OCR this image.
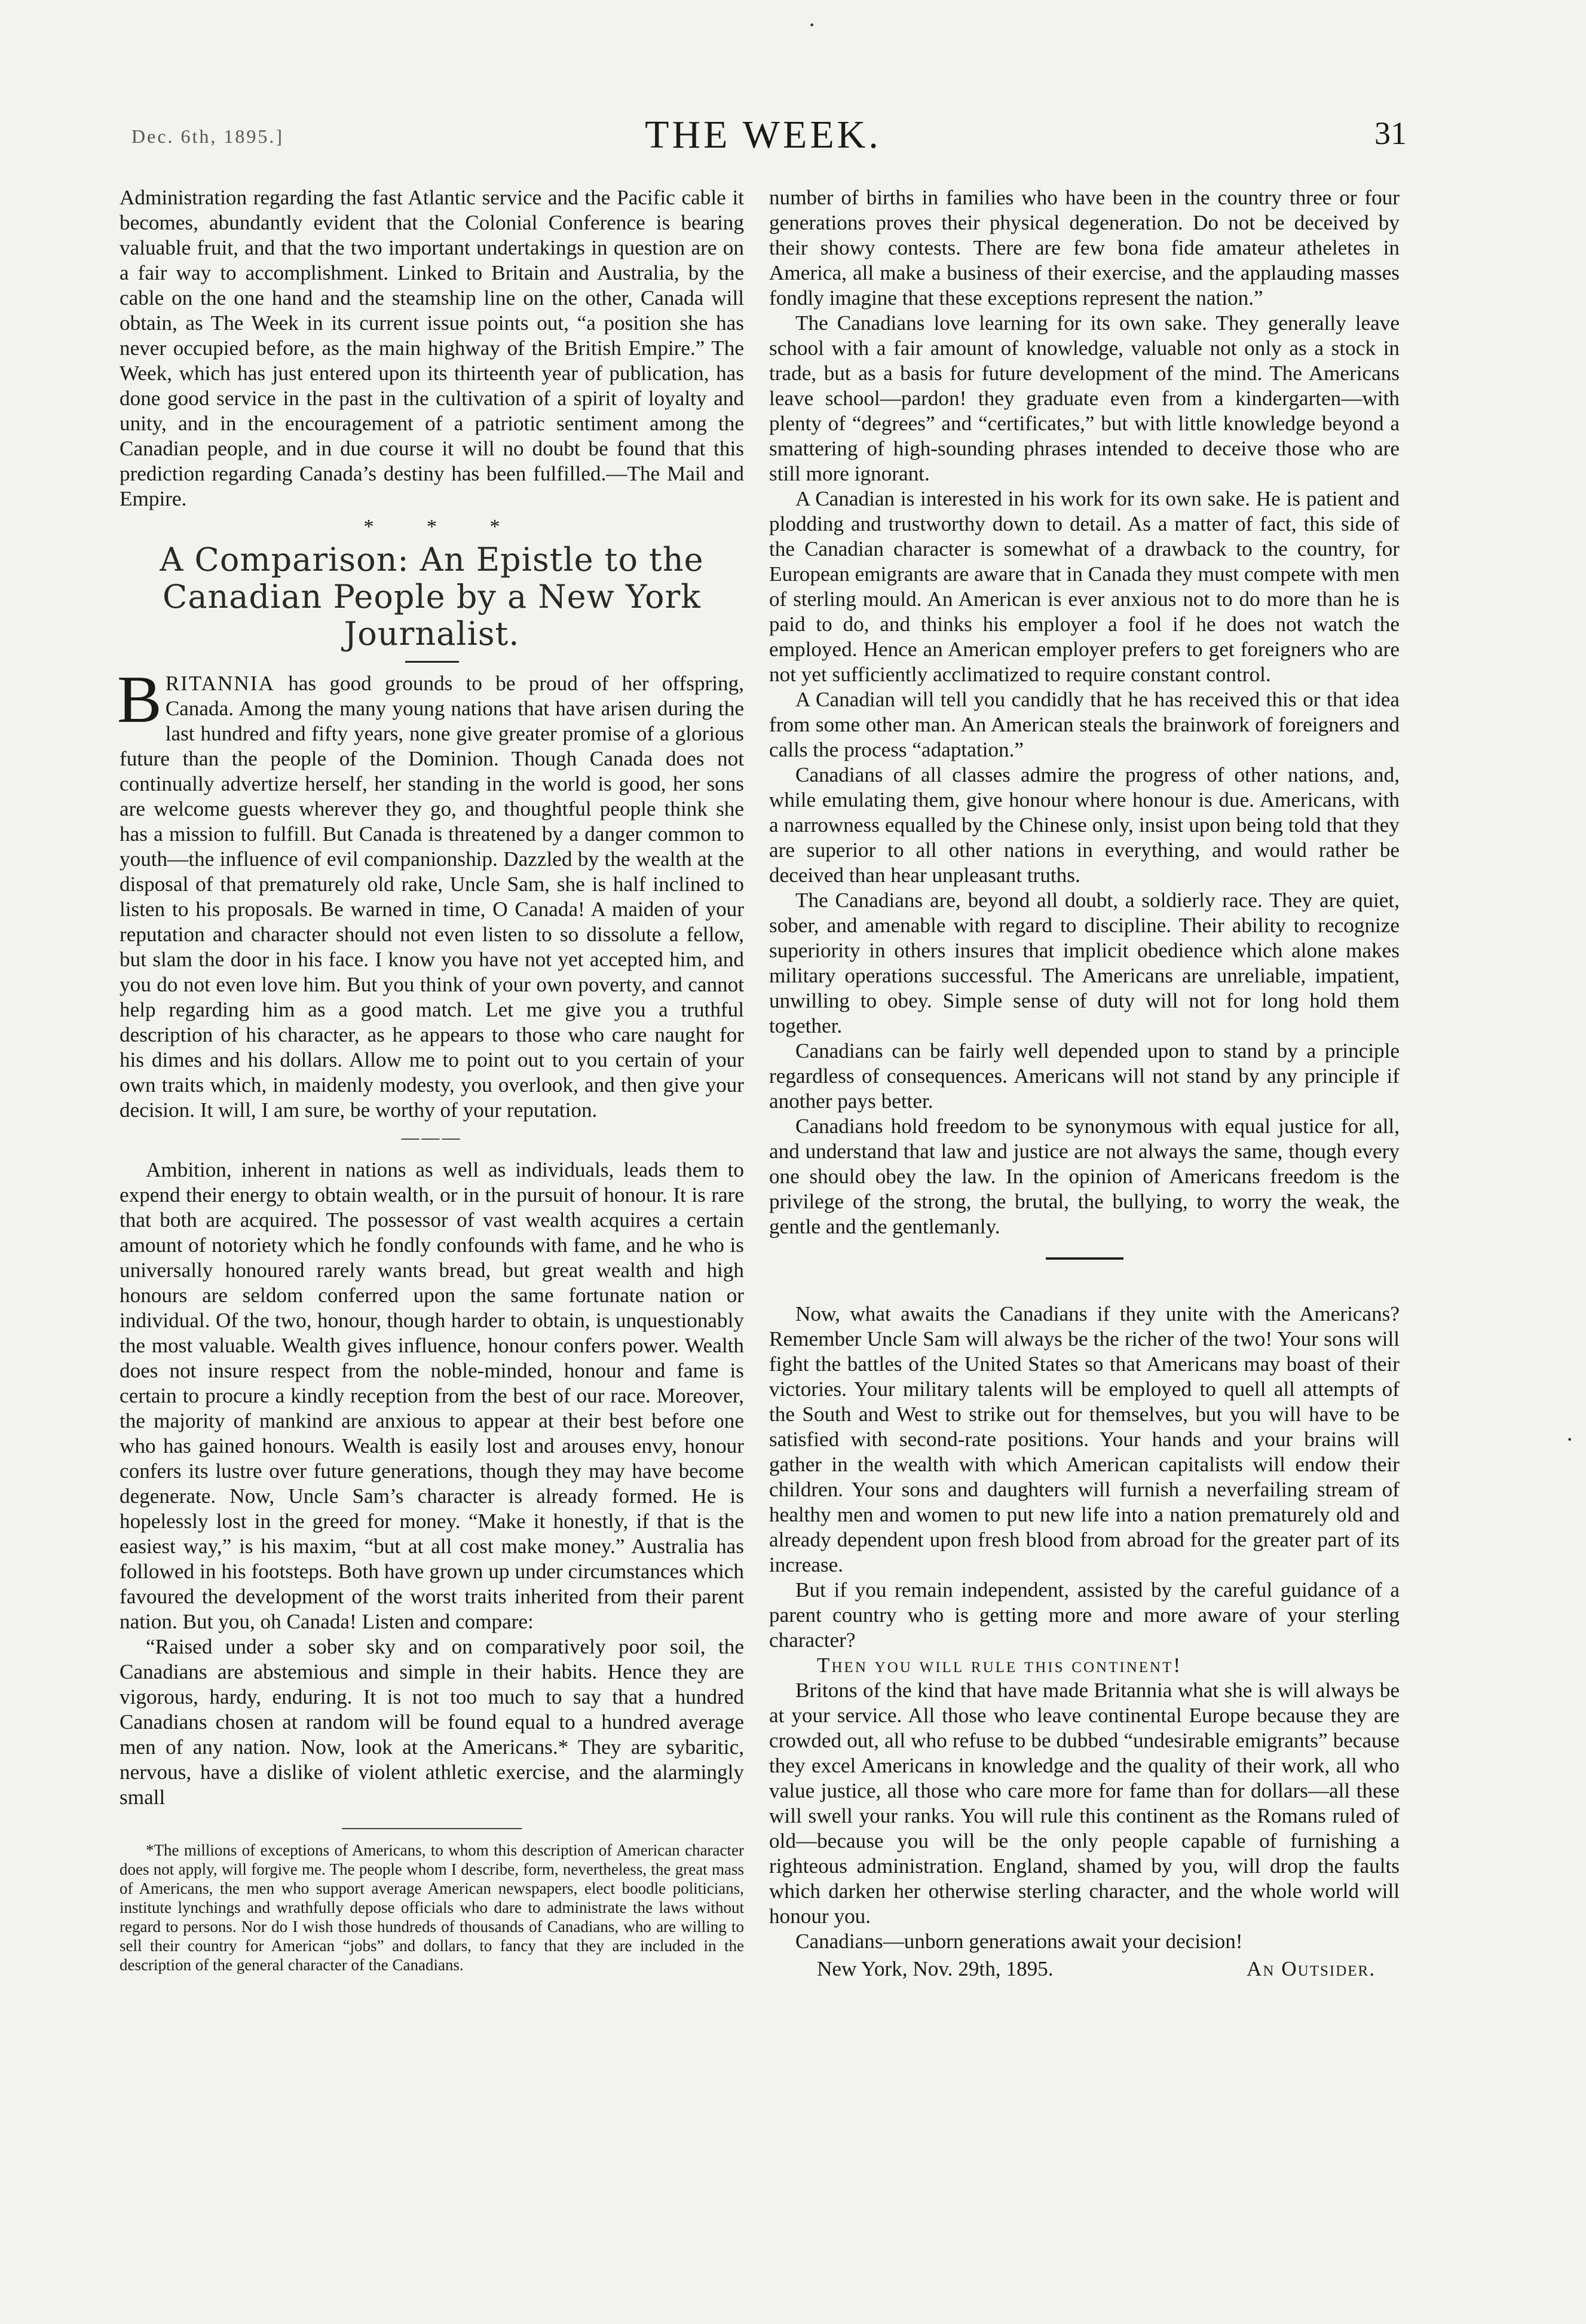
Dec. 6th, 1895.]	THE WEEK.	31

Administration regarding the fast Atlantic service and the Pacific cable it becomes, abundantly evident that the Colonial Conference is bearing valuable fruit, and that the two important undertakings in question are on a fair way to accomplishment. Linked to Britain and Australia, by the cable on the one hand and the steamship line on the other, Canada will obtain, as The Week in its current issue points out, “a position she has never occupied before, as the main highway of the British Empire.” The Week, which has just entered upon its thirteenth year of publication, has done good service in the past in the cultivation of a spirit of loyalty and unity, and in the encouragement of a patriotic sentiment among the Canadian people, and in due course it will no doubt be found that this prediction regarding Canada’s destiny has been fulfilled.—The Mail and Empire.

* * *
A Comparison: An Epistle to the Canadian People by a New York Journalist.

BRITANNIA has good grounds to be proud of her offspring, Canada. Among the many young nations that have arisen during the last hundred and fifty years, none give greater promise of a glorious future than the people of the Dominion. Though Canada does not continually advertize herself, her standing in the world is good, her sons are welcome guests wherever they go, and thoughtful people think she has a mission to fulfill. But Canada is threatened by a danger common to youth—the influence of evil companionship. Dazzled by the wealth at the disposal of that prematurely old rake, Uncle Sam, she is half inclined to listen to his proposals. Be warned in time, O Canada! A maiden of your reputation and character should not even listen to so dissolute a fellow, but slam the door in his face. I know you have not yet accepted him, and you do not even love him. But you think of your own poverty, and cannot help regarding him as a good match. Let me give you a truthful description of his character, as he appears to those who care naught for his dimes and his dollars. Allow me to point out to you certain of your own traits which, in maidenly modesty, you overlook, and then give your decision. It will, I am sure, be worthy of your reputation.

———

Ambition, inherent in nations as well as individuals, leads them to expend their energy to obtain wealth, or in the pursuit of honour. It is rare that both are acquired. The possessor of vast wealth acquires a certain amount of notoriety which he fondly confounds with fame, and he who is universally honoured rarely wants bread, but great wealth and high honours are seldom conferred upon the same fortunate nation or individual. Of the two, honour, though harder to obtain, is unquestionably the most valuable. Wealth gives influence, honour confers power. Wealth does not insure respect from the noble-minded, honour and fame is certain to procure a kindly reception from the best of our race. Moreover, the majority of mankind are anxious to appear at their best before one who has gained honours. Wealth is easily lost and arouses envy, honour confers its lustre over future generations, though they may have become degenerate. Now, Uncle Sam’s character is already formed. He is hopelessly lost in the greed for money. “Make it honestly, if that is the easiest way,” is his maxim, “but at all cost make money.” Australia has followed in his footsteps. Both have grown up under circumstances which favoured the development of the worst traits inherited from their parent nation. But you, oh Canada! Listen and compare:

“Raised under a sober sky and on comparatively poor soil, the Canadians are abstemious and simple in their habits. Hence they are vigorous, hardy, enduring. It is not too much to say that a hundred Canadians chosen at random will be found equal to a hundred average men of any nation. Now, look at the Americans.* They are sybaritic, nervous, have a dislike of violent athletic exercise, and the alarmingly small

*The millions of exceptions of Americans, to whom this description of American character does not apply, will forgive me. The people whom I describe, form, nevertheless, the great mass of Americans, the men who support average American newspapers, elect boodle politicians, institute lynchings and wrathfully depose officials who dare to administrate the laws without regard to persons. Nor do I wish those hundreds of thousands of Canadians, who are willing to sell their country for American “jobs” and dollars, to fancy that they are included in the description of the general character of the Canadians.

number of births in families who have been in the country three or four generations proves their physical degeneration. Do not be deceived by their showy contests. There are few bona fide amateur atheletes in America, all make a business of their exercise, and the applauding masses fondly imagine that these exceptions represent the nation.”

The Canadians love learning for its own sake. They generally leave school with a fair amount of knowledge, valuable not only as a stock in trade, but as a basis for future development of the mind. The Americans leave school—pardon! they graduate even from a kindergarten—with plenty of “degrees” and “certificates,” but with little knowledge beyond a smattering of high-sounding phrases intended to deceive those who are still more ignorant.

A Canadian is interested in his work for its own sake. He is patient and plodding and trustworthy down to detail. As a matter of fact, this side of the Canadian character is somewhat of a drawback to the country, for European emigrants are aware that in Canada they must compete with men of sterling mould. An American is ever anxious not to do more than he is paid to do, and thinks his employer a fool if he does not watch the employed. Hence an American employer prefers to get foreigners who are not yet sufficiently acclimatized to require constant control.

A Canadian will tell you candidly that he has received this or that idea from some other man. An American steals the brainwork of foreigners and calls the process “adaptation.”

Canadians of all classes admire the progress of other nations, and, while emulating them, give honour where honour is due. Americans, with a narrowness equalled by the Chinese only, insist upon being told that they are superior to all other nations in everything, and would rather be deceived than hear unpleasant truths.

The Canadians are, beyond all doubt, a soldierly race. They are quiet, sober, and amenable with regard to discipline. Their ability to recognize superiority in others insures that implicit obedience which alone makes military operations successful. The Americans are unreliable, impatient, unwilling to obey. Simple sense of duty will not for long hold them together.

Canadians can be fairly well depended upon to stand by a principle regardless of consequences. Americans will not stand by any principle if another pays better.

Canadians hold freedom to be synonymous with equal justice for all, and understand that law and justice are not always the same, though every one should obey the law. In the opinion of Americans freedom is the privilege of the strong, the brutal, the bullying, to worry the weak, the gentle and the gentlemanly.

Now, what awaits the Canadians if they unite with the Americans? Remember Uncle Sam will always be the richer of the two! Your sons will fight the battles of the United States so that Americans may boast of their victories. Your military talents will be employed to quell all attempts of the South and West to strike out for themselves, but you will have to be satisfied with second-rate positions. Your hands and your brains will gather in the wealth with which American capitalists will endow their children. Your sons and daughters will furnish a neverfailing stream of healthy men and women to put new life into a nation prematurely old and already dependent upon fresh blood from abroad for the greater part of its increase.

But if you remain independent, assisted by the careful guidance of a parent country who is getting more and more aware of your sterling character?

Then you will rule this continent!

Britons of the kind that have made Britannia what she is will always be at your service. All those who leave continental Europe because they are crowded out, all who refuse to be dubbed “undesirable emigrants” because they excel Americans in knowledge and the quality of their work, all who value justice, all those who care more for fame than for dollars—all these will swell your ranks. You will rule this continent as the Romans ruled of old—because you will be the only people capable of furnishing a righteous administration. England, shamed by you, will drop the faults which darken her otherwise sterling character, and the whole world will honour you.

Canadians—unborn generations await your decision!

New York, Nov. 29th, 1895.	An Outsider.
·
·
